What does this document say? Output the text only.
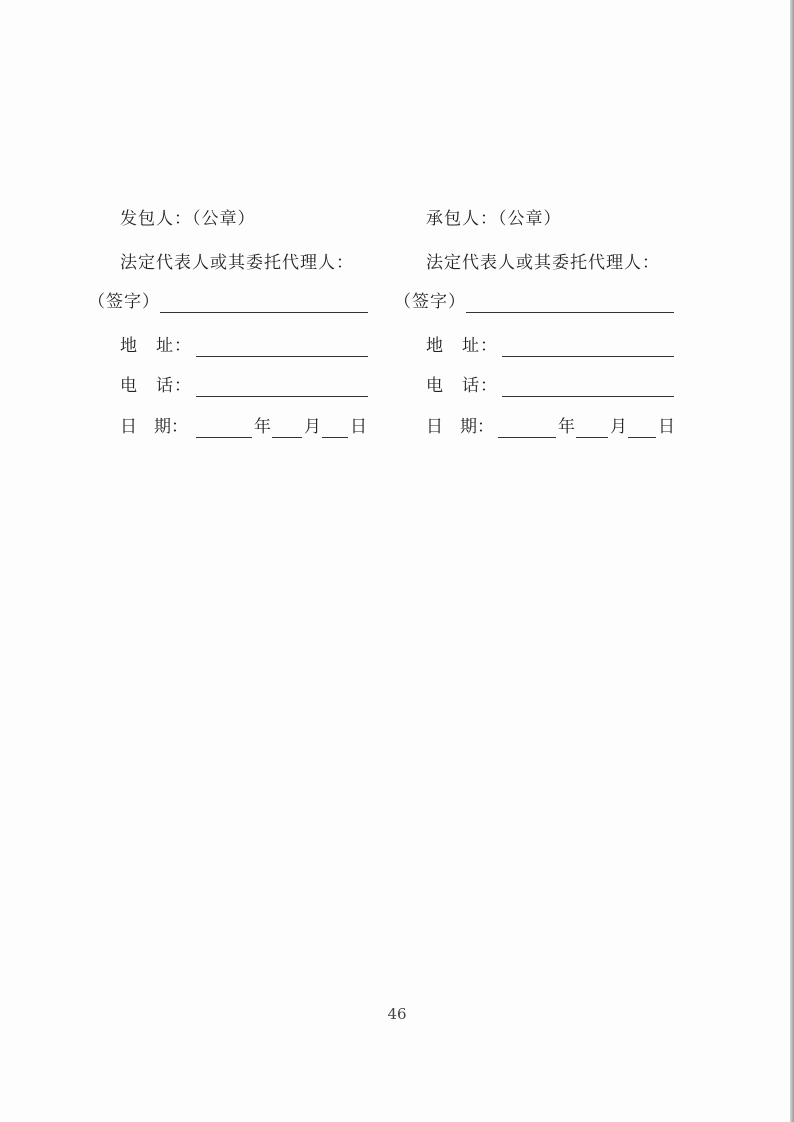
发包人：（公章）
法定代表人或其委托代理人：
（签字）
地　址：
电　话：
日　期：	年 月 日
承包人：（公章）
法定代表人或其委托代理人：
（签字）
地　址：
电　话：
日　期：	年 月 日
46
